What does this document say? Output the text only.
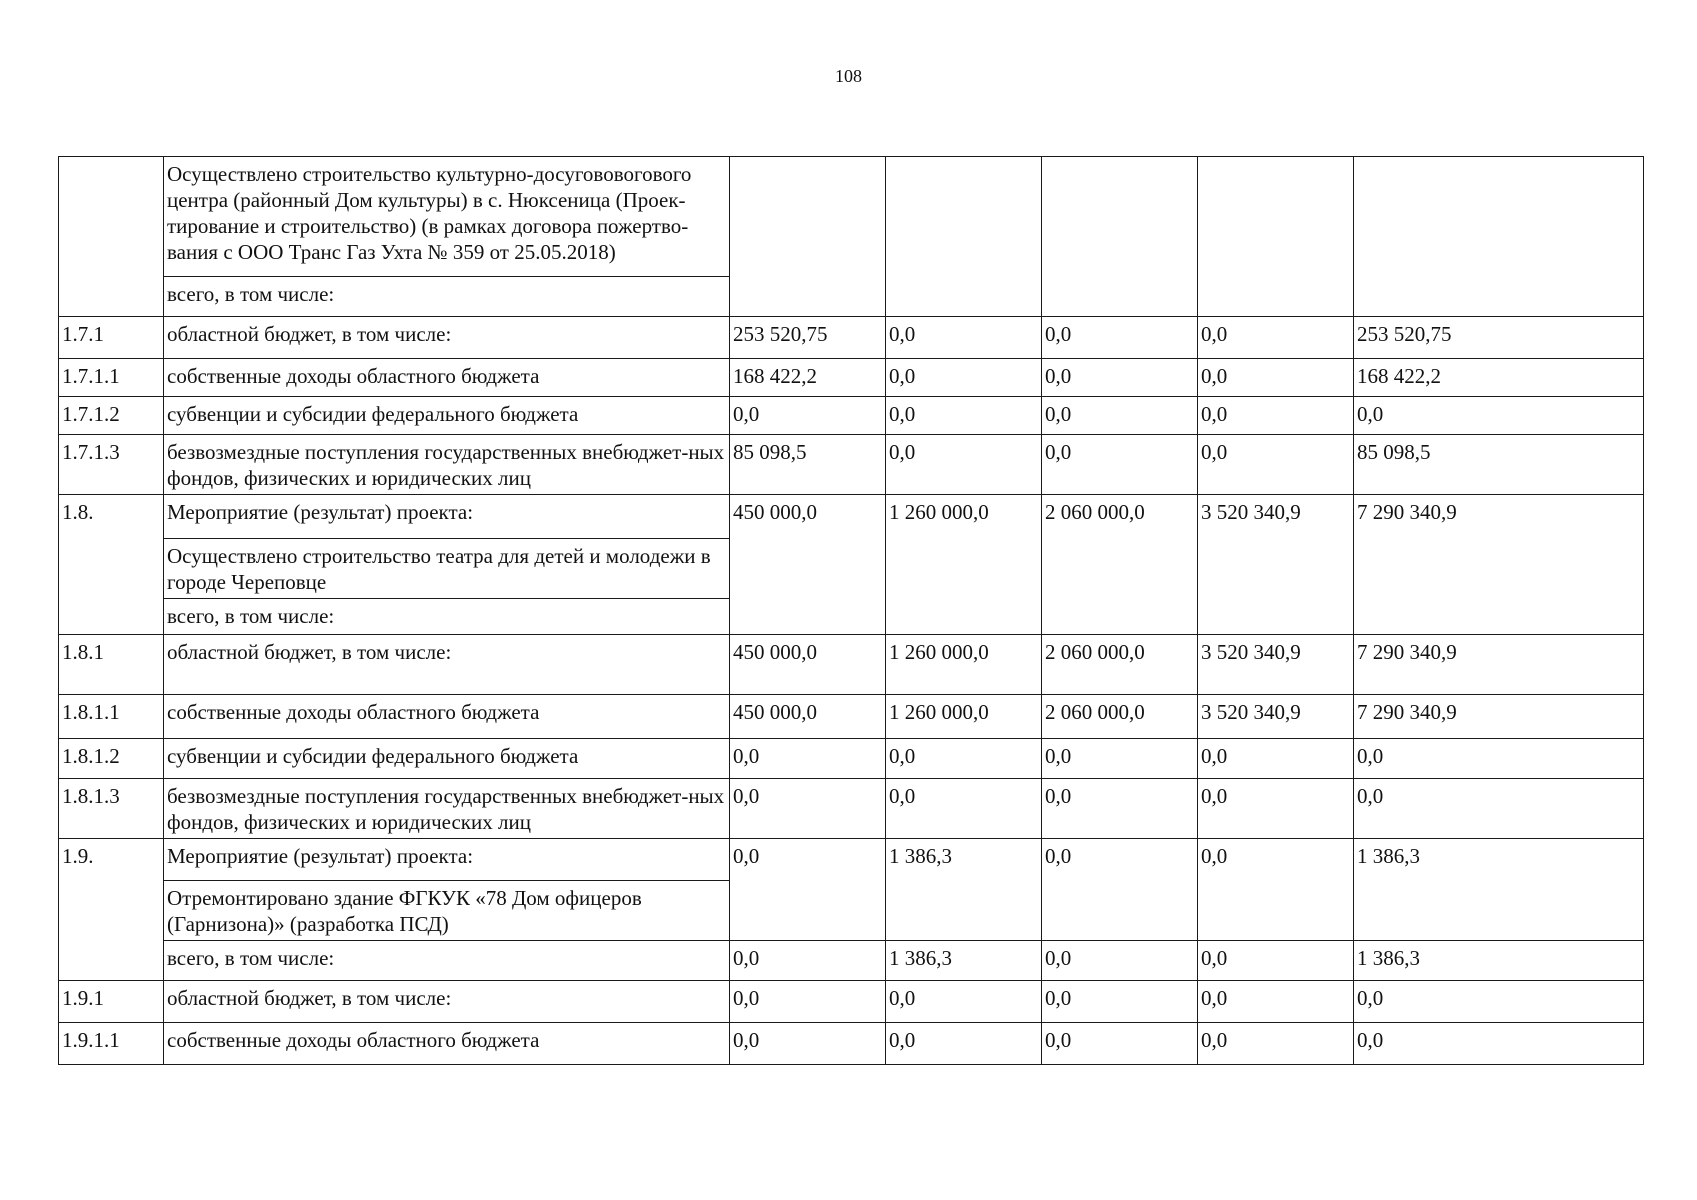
108
	Осуществлено строительство культурно-досугововогового центра (районный Дом культуры) в с. Нюксеница (Проек-тирование и строительство) (в рамках договора пожертво-вания с ООО Транс Газ Ухта № 359 от 25.05.2018)					
	всего, в том числе:					
1.7.1	областной бюджет, в том числе:	253 520,75	0,0	0,0	0,0	253 520,75
1.7.1.1	собственные доходы областного бюджета	168 422,2	0,0	0,0	0,0	168 422,2
1.7.1.2	субвенции и субсидии федерального бюджета	0,0	0,0	0,0	0,0	0,0
1.7.1.3	безвозмездные поступления государственных внебюджет-ных фондов, физических и юридических лиц	85 098,5	0,0	0,0	0,0	85 098,5
1.8.	Мероприятие (результат) проекта:	450 000,0	1 260 000,0	2 060 000,0	3 520 340,9	7 290 340,9
	Осуществлено строительство театра для детей и молодежи в городе Череповце					
	всего, в том числе:					
1.8.1	областной бюджет, в том числе:	450 000,0	1 260 000,0	2 060 000,0	3 520 340,9	7 290 340,9
1.8.1.1	собственные доходы областного бюджета	450 000,0	1 260 000,0	2 060 000,0	3 520 340,9	7 290 340,9
1.8.1.2	субвенции и субсидии федерального бюджета	0,0	0,0	0,0	0,0	0,0
1.8.1.3	безвозмездные поступления государственных внебюджет-ных фондов, физических и юридических лиц	0,0	0,0	0,0	0,0	0,0
1.9.	Мероприятие (результат) проекта:	0,0	1 386,3	0,0	0,0	1 386,3
	Отремонтировано здание ФГКУК «78 Дом офицеров (Гарнизона)» (разработка ПСД)					
	всего, в том числе:	0,0	1 386,3	0,0	0,0	1 386,3
1.9.1	областной бюджет, в том числе:	0,0	0,0	0,0	0,0	0,0
1.9.1.1	собственные доходы областного бюджета	0,0	0,0	0,0	0,0	0,0
